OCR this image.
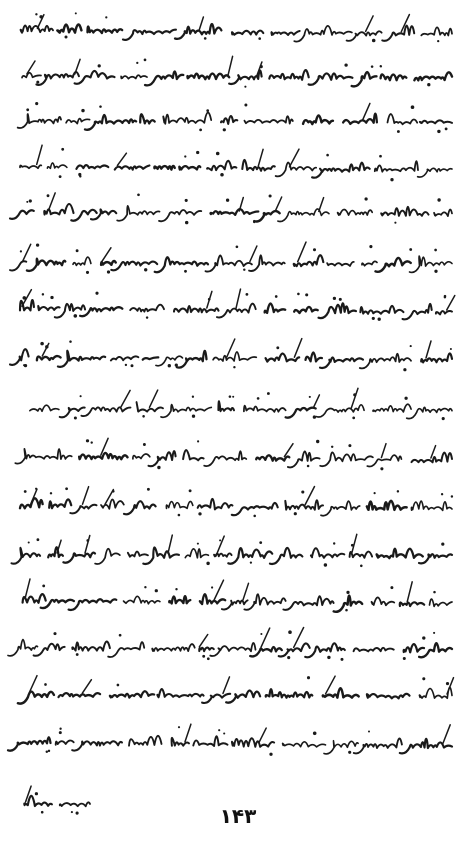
۱۴۳
